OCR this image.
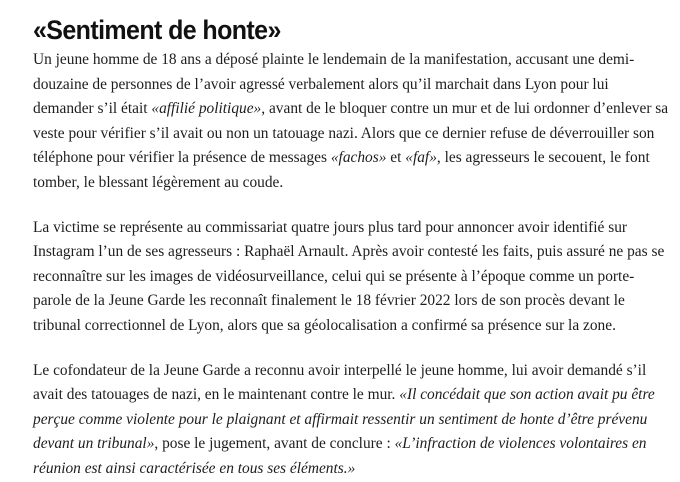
«Sentiment de honte»

Un jeune homme de 18 ans a déposé plainte le lendemain de la manifestation, accusant une demi-douzaine de personnes de l’avoir agressé verbalement alors qu’il marchait dans Lyon pour lui demander s’il était «affilié politique», avant de le bloquer contre un mur et de lui ordonner d’enlever sa veste pour vérifier s’il avait ou non un tatouage nazi. Alors que ce dernier refuse de déverrouiller son téléphone pour vérifier la présence de messages «fachos» et «faf», les agresseurs le secouent, le font tomber, le blessant légèrement au coude.

La victime se représente au commissariat quatre jours plus tard pour annoncer avoir identifié sur Instagram l’un de ses agresseurs : Raphaël Arnault. Après avoir contesté les faits, puis assuré ne pas se reconnaître sur les images de vidéosurveillance, celui qui se présente à l’époque comme un porte-parole de la Jeune Garde les reconnaît finalement le 18 février 2022 lors de son procès devant le tribunal correctionnel de Lyon, alors que sa géolocalisation a confirmé sa présence sur la zone.

Le cofondateur de la Jeune Garde a reconnu avoir interpellé le jeune homme, lui avoir demandé s’il avait des tatouages de nazi, en le maintenant contre le mur. «Il concédait que son action avait pu être perçue comme violente pour le plaignant et affirmait ressentir un sentiment de honte d’être prévenu devant un tribunal», pose le jugement, avant de conclure : «L’infraction de violences volontaires en réunion est ainsi caractérisée en tous ses éléments.»
